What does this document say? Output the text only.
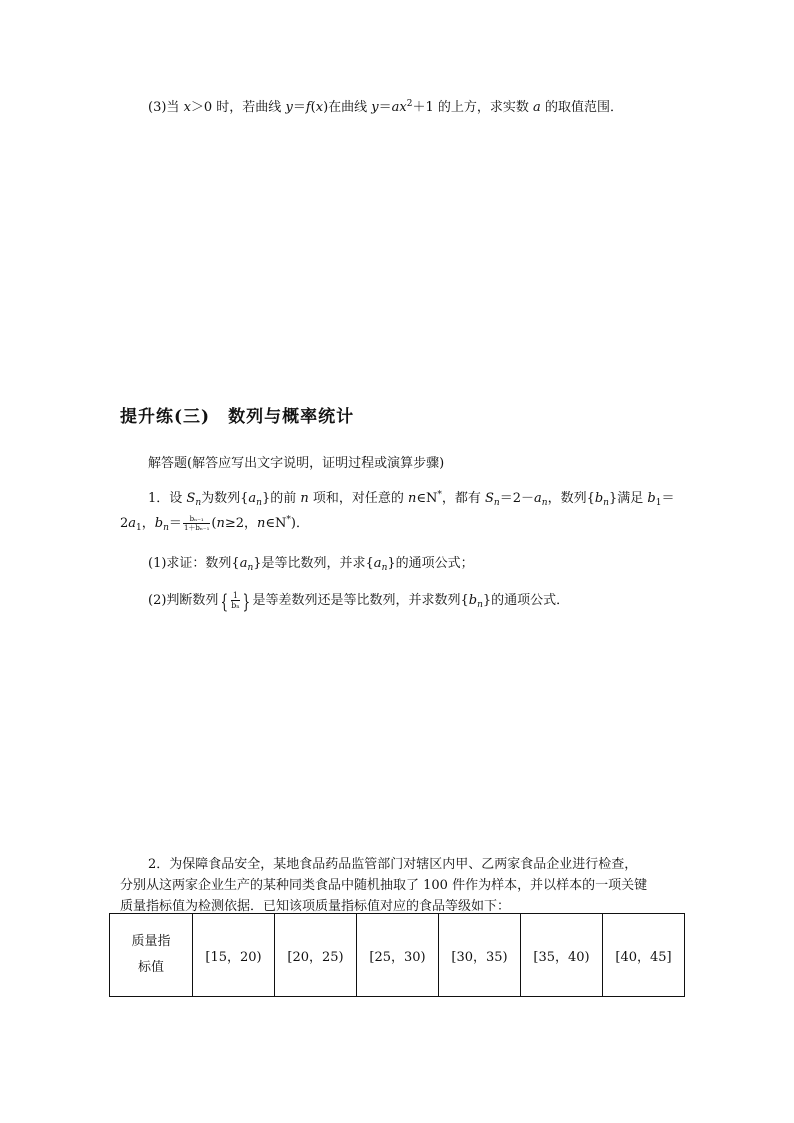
(3)当 x＞0 时，若曲线 y＝f(x)在曲线 $y=ax^2+1$ 的上方，求实数 a 的取值范围．
提升练(三)　数列与概率统计
解答题(解答应写出文字说明，证明过程或演算步骤)
1．设 $S_n$为数列$\{a_n\}$的前 n 项和，对任意的 n∈N*，都有 $S_n=2-a_n$，数列$\{b_n\}$满足 $b_1=$
$2a_1$，$b_n= \frac{\text{bₙ₋₁}}{\text{1＋bₙ₋₁}} (n\ge 2$，n∈N*)．
(1)求证：数列$\{a_n\}$是等比数列，并求$\{a_n\}$的通项公式；
(2)判断数列 { $\frac{1}{\text{bₙ}}$ } 是等差数列还是等比数列，并求数列$\{b_n\}$的通项公式．
2．为保障食品安全，某地食品药品监管部门对辖区内甲、乙两家食品企业进行检查，
分别从这两家企业生产的某种同类食品中随机抽取了 100 件作为样本，并以样本的一项关键
质量指标值为检测依据．已知该项质量指标值对应的食品等级如下：
质量指
标值
	[15，20)	[20，25)	[25，30)	[30，35)	[35，40)	[40，45]
